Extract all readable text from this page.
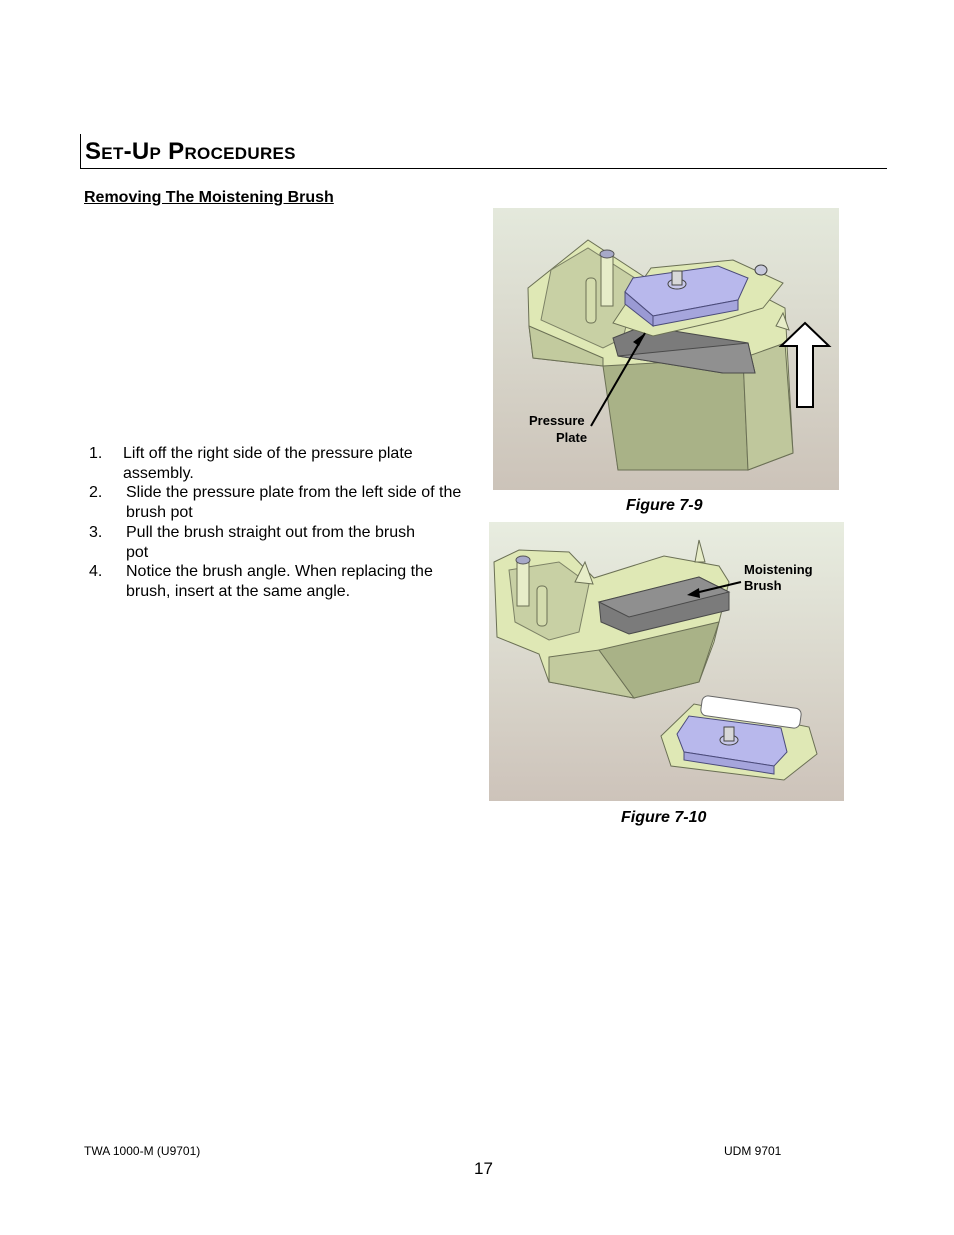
Set-Up Procedures
Removing The Moistening Brush
1. Lift off the right side of the pressure plate assembly.
2. Slide the pressure plate from the left side of the brush pot
3. Pull the brush straight out from the brush pot
4. Notice the brush angle. When replacing the brush, insert at the same angle.
Pressure
Plate
Figure 7-9
Moistening
Brush
Figure 7-10
TWA 1000-M (U9701)	UDM 9701
17
